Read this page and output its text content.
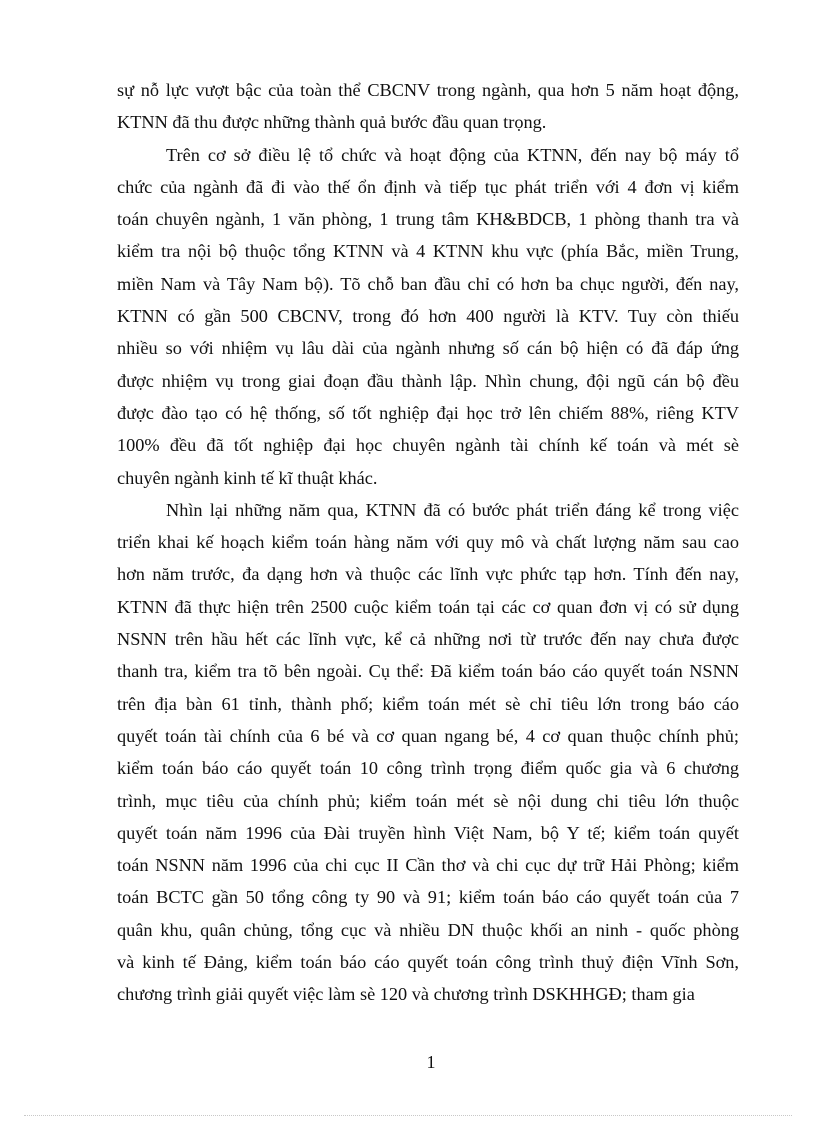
sự nỗ lực vượt bậc của toàn thể CBCNV trong ngành, qua hơn 5 năm hoạt động,
KTNN đã thu được những thành quả bước đầu quan trọng.
Trên cơ sở điều lệ tổ chức và hoạt động của KTNN, đến nay bộ máy tổ
chức của ngành đã đi vào thế ổn định và tiếp tục phát triển với 4 đơn vị kiểm
toán chuyên ngành, 1 văn phòng, 1 trung tâm KH&BDCB, 1 phòng thanh tra và
kiểm tra nội bộ thuộc tổng KTNN và 4 KTNN khu vực (phía Bắc, miền Trung,
miền Nam và Tây Nam bộ). Tõ chỗ ban đầu chỉ có hơn ba chục người, đến nay,
KTNN có gần 500 CBCNV, trong đó hơn 400 người là KTV. Tuy còn thiếu
nhiều so với nhiệm vụ lâu dài của ngành nhưng số cán bộ hiện có đã đáp ứng
được nhiệm vụ trong giai đoạn đầu thành lập. Nhìn chung, đội ngũ cán bộ đều
được đào tạo có hệ thống, số tốt nghiệp đại học trở lên chiếm 88%, riêng KTV
100% đều đã tốt nghiệp đại học chuyên ngành tài chính kế toán và mét sè
chuyên ngành kinh tế kĩ thuật khác.
Nhìn lại những năm qua, KTNN đã có bước phát triển đáng kể trong việc
triển khai kế hoạch kiểm toán hàng năm với quy mô và chất lượng năm sau cao
hơn năm trước, đa dạng hơn và thuộc các lĩnh vực phức tạp hơn. Tính đến nay,
KTNN đã thực hiện trên 2500 cuộc kiểm toán tại các cơ quan đơn vị có sử dụng
NSNN trên hầu hết các lĩnh vực, kể cả những nơi từ trước đến nay chưa được
thanh tra, kiểm tra tõ bên ngoài. Cụ thể: Đã kiểm toán báo cáo quyết toán NSNN
trên địa bàn 61 tỉnh, thành phố; kiểm toán mét sè chỉ tiêu lớn trong báo cáo
quyết toán tài chính của 6 bé và cơ quan ngang bé, 4 cơ quan thuộc chính phủ;
kiểm toán báo cáo quyết toán 10 công trình trọng điểm quốc gia và 6 chương
trình, mục tiêu của chính phủ; kiểm toán mét sè nội dung chi tiêu lớn thuộc
quyết toán năm 1996 của Đài truyền hình Việt Nam, bộ Y tế; kiểm toán quyết
toán NSNN năm 1996 của chi cục II Cần thơ và chi cục dự trữ Hải Phòng; kiểm
toán BCTC gần 50 tổng công ty 90 và 91; kiểm toán báo cáo quyết toán của 7
quân khu, quân chủng, tổng cục và nhiều DN thuộc khối an ninh - quốc phòng
và kinh tế Đảng, kiểm toán báo cáo quyết toán công trình thuỷ điện Vĩnh Sơn,
chương trình giải quyết việc làm sè 120 và chương trình DSKHHGĐ; tham gia
1
